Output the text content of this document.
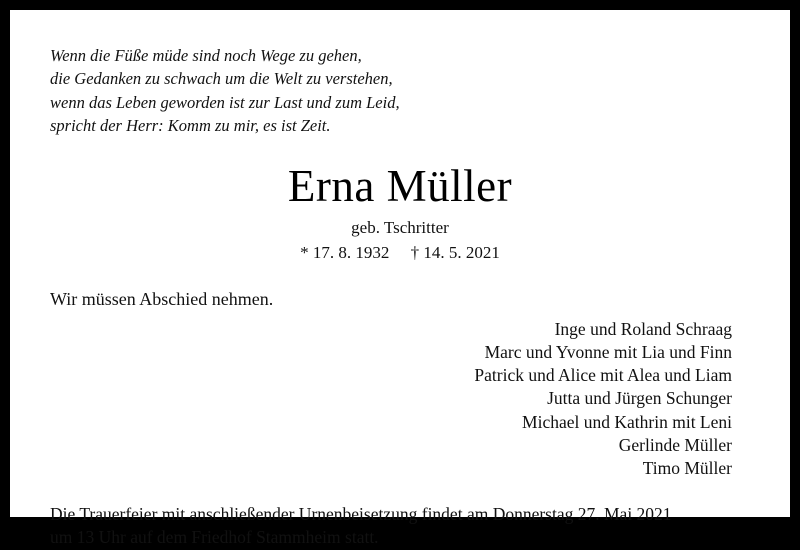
Wenn die Füße müde sind noch Wege zu gehen,
die Gedanken zu schwach um die Welt zu verstehen,
wenn das Leben geworden ist zur Last und zum Leid,
spricht der Herr: Komm zu mir, es ist Zeit.
Erna Müller
geb. Tschritter
* 17. 8. 1932     † 14. 5. 2021
Wir müssen Abschied nehmen.
Inge und Roland Schraag
Marc und Yvonne mit Lia und Finn
Patrick und Alice mit Alea und Liam
Jutta und Jürgen Schunger
Michael und Kathrin mit Leni
Gerlinde Müller
Timo Müller
Die Trauerfeier mit anschließender Urnenbeisetzung findet am Donnerstag 27. Mai 2021
um 13 Uhr auf dem Friedhof Stammheim statt.
